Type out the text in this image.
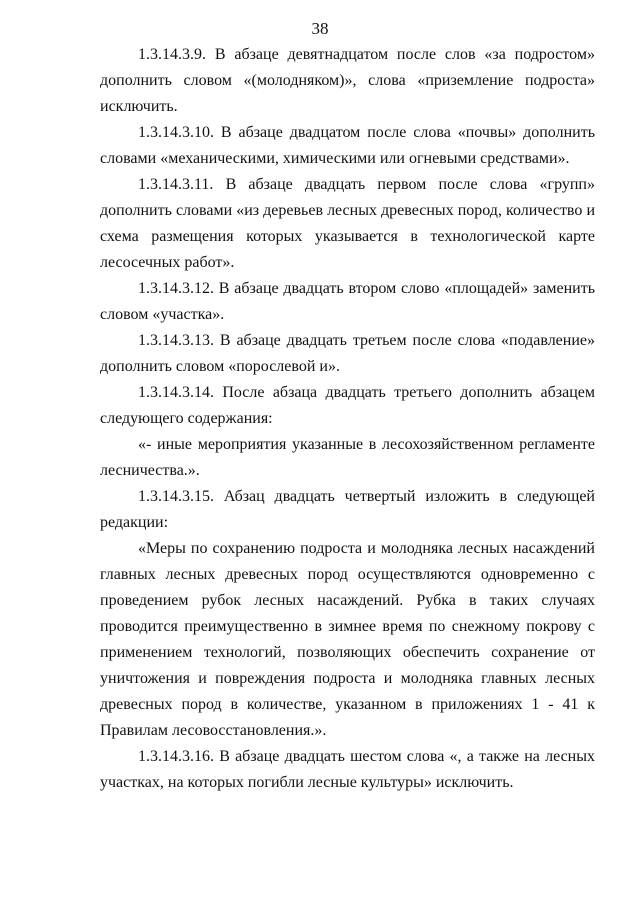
38

1.3.14.3.9. В абзаце девятнадцатом после слов «за подростом» дополнить словом «(молодняком)», слова «приземление подроста» исключить.

1.3.14.3.10. В абзаце двадцатом после слова «почвы» дополнить словами «механическими, химическими или огневыми средствами».

1.3.14.3.11. В абзаце двадцать первом после слова «групп» дополнить словами «из деревьев лесных древесных пород, количество и схема размещения которых указывается в технологической карте лесосечных работ».

1.3.14.3.12. В абзаце двадцать втором слово «площадей» заменить словом «участка».

1.3.14.3.13. В абзаце двадцать третьем после слова «подавление» дополнить словом «порослевой и».

1.3.14.3.14. После абзаца двадцать третьего дополнить абзацем следующего содержания:

«- иные мероприятия указанные в лесохозяйственном регламенте лесничества.».

1.3.14.3.15. Абзац двадцать четвертый изложить в следующей редакции:

«Меры по сохранению подроста и молодняка лесных насаждений главных лесных древесных пород осуществляются одновременно с проведением рубок лесных насаждений. Рубка в таких случаях проводится преимущественно в зимнее время по снежному покрову с применением технологий, позволяющих обеспечить сохранение от уничтожения и повреждения подроста и молодняка главных лесных древесных пород в количестве, указанном в приложениях 1 - 41 к Правилам лесовосстановления.».

1.3.14.3.16. В абзаце двадцать шестом слова «, а также на лесных участках, на которых погибли лесные культуры» исключить.
